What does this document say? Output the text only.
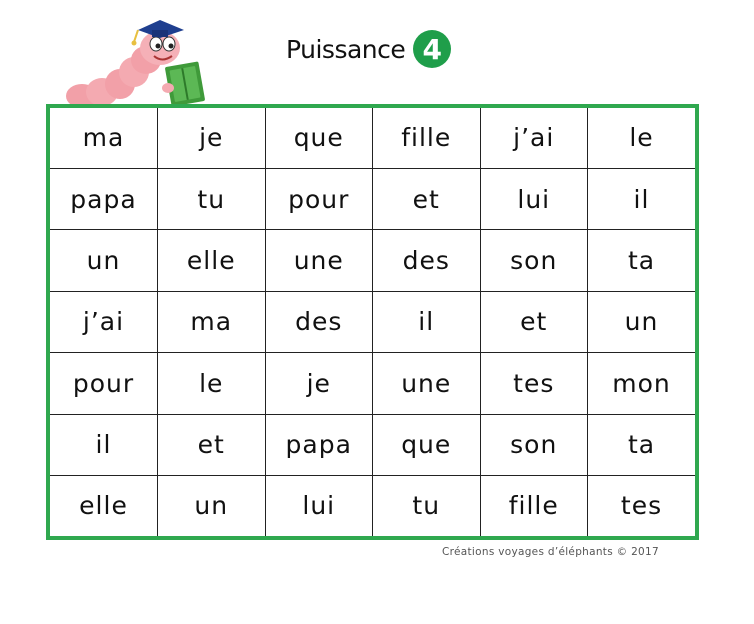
Puissance 4
ma	je	que	fille	j’ai	le
papa	tu	pour	et	lui	il
un	elle	une	des	son	ta
j’ai	ma	des	il	et	un
pour	le	je	une	tes	mon
il	et	papa	que	son	ta
elle	un	lui	tu	fille	tes
Créations voyages d’éléphants © 2017
